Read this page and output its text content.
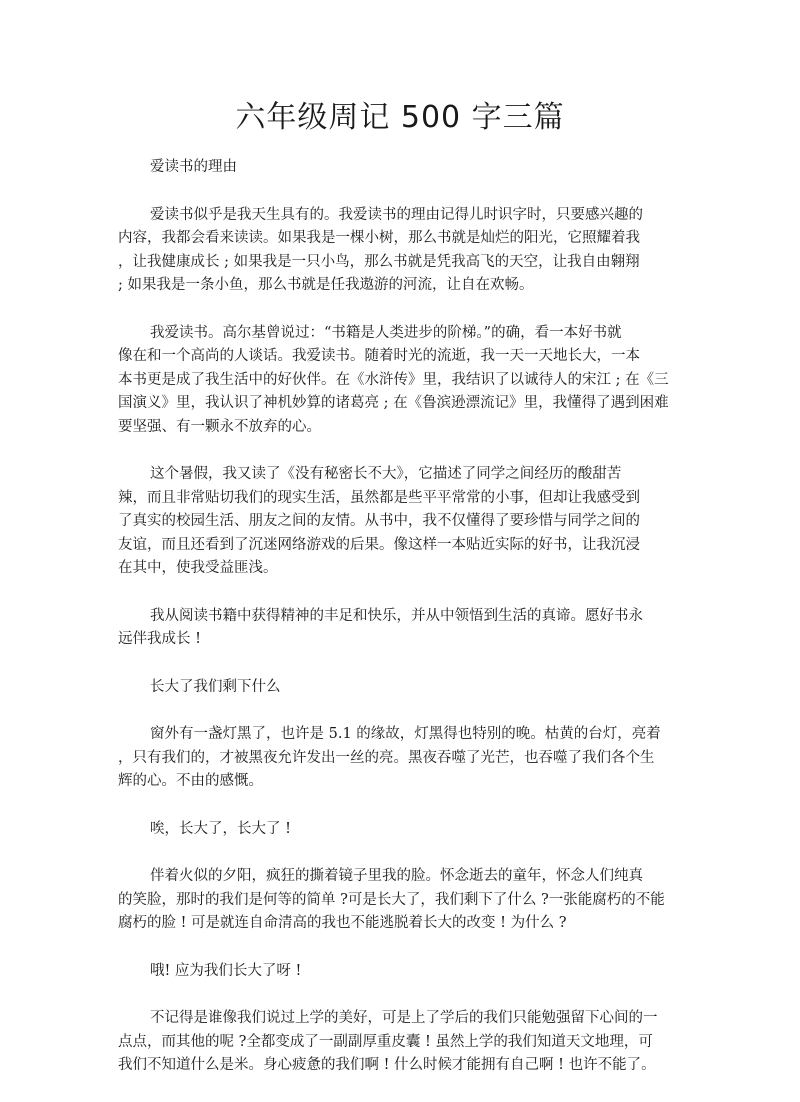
六年级周记 500 字三篇

爱读书的理由

爱读书似乎是我天生具有的。我爱读书的理由记得儿时识字时，只要感兴趣的
内容，我都会看来读读。如果我是一棵小树，那么书就是灿烂的阳光，它照耀着我
，让我健康成长 ; 如果我是一只小鸟，那么书就是凭我高飞的天空，让我自由翱翔
; 如果我是一条小鱼，那么书就是任我遨游的河流，让自在欢畅。
我爱读书。高尔基曾说过：“书籍是人类进步的阶梯。”的确，看一本好书就
像在和一个高尚的人谈话。我爱读书。随着时光的流逝，我一天一天地长大，一本
本书更是成了我生活中的好伙伴。在《水浒传》里，我结识了以诚待人的宋江 ; 在《三
国演义》里，我认识了神机妙算的诸葛亮 ; 在《鲁滨逊漂流记》里，我懂得了遇到困难
要坚强、有一颗永不放弃的心。
这个暑假，我又读了《没有秘密长不大》，它描述了同学之间经历的酸甜苦
辣，而且非常贴切我们的现实生活，虽然都是些平平常常的小事，但却让我感受到
了真实的校园生活、朋友之间的友情。从书中，我不仅懂得了要珍惜与同学之间的
友谊，而且还看到了沉迷网络游戏的后果。像这样一本贴近实际的好书，让我沉浸
在其中，使我受益匪浅。
我从阅读书籍中获得精神的丰足和快乐，并从中领悟到生活的真谛。愿好书永
远伴我成长 !

长大了我们剩下什么

窗外有一盏灯黑了，也许是 5.1 的缘故，灯黑得也特别的晚。枯黄的台灯，亮着
，只有我们的，才被黑夜允许发出一丝的亮。黑夜吞噬了光芒，也吞噬了我们各个生
辉的心。不由的感慨。

唉，长大了，长大了 !

伴着火似的夕阳，疯狂的撕着镜子里我的脸。怀念逝去的童年，怀念人们纯真
的笑脸，那时的我们是何等的简单 ?可是长大了，我们剩下了什么 ?一张能腐朽的不能
腐朽的脸 ! 可是就连自命清高的我也不能逃脱着长大的改变 ! 为什么 ?

哦! 应为我们长大了呀 !

不记得是谁像我们说过上学的美好，可是上了学后的我们只能勉强留下心间的一
点点，而其他的呢 ?全都变成了一副副厚重皮囊 ! 虽然上学的我们知道天文地理，可
我们不知道什么是米。身心疲惫的我们啊 ! 什么时候才能拥有自己啊 ! 也许不能了。
